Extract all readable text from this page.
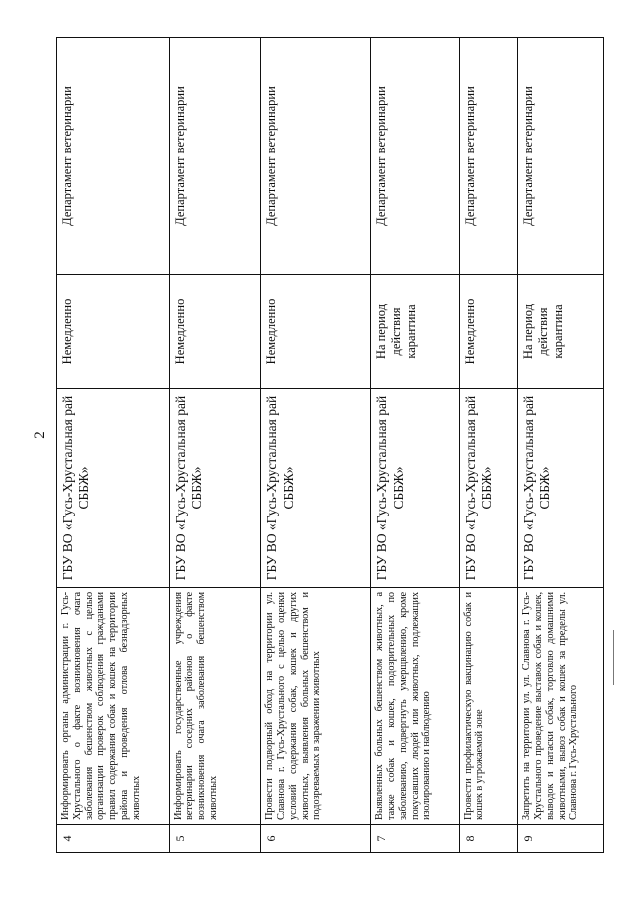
2
4	Информировать органы администрации г. Гусь-Хрустального о факте возникновения очага заболевания бешенством животных с целью организации проверок соблюдения гражданами правил содержания собак и кошек на территории района и проведения отлова безнадзорных животных	ГБУ ВО «Гусь-Хрустальная рай СББЖ»	Немедленно	Департамент ветеринарии
5	Информировать государственные учреждения ветеринарии соседних районов о факте возникновения очага заболевания бешенством животных	ГБУ ВО «Гусь-Хрустальная рай СББЖ»	Немедленно	Департамент ветеринарии
6	Провести подворный обход на территории ул. Славнова г. Гусь-Хрустального с целью оценки условий содержания собак, кошек и других животных, выявления больных бешенством и подозреваемых в заражении животных	ГБУ ВО «Гусь-Хрустальная рай СББЖ»	Немедленно	Департамент ветеринарии
7	Выявленных больных бешенством животных, а также собак и кошек, подозрительных по заболеванию, подвергнуть умерщвлению, кроме покусавших людей или животных, подлежащих изолированию и наблюдению	ГБУ ВО «Гусь-Хрустальная рай СББЖ»	На период действия карантина	Департамент ветеринарии
8	Провести профилактическую вакцинацию собак и кошек в угрожаемой зоне	ГБУ ВО «Гусь-Хрустальная рай СББЖ»	Немедленно	Департамент ветеринарии
9	Запретить на территории ул. ул. Славнова г. Гусь-Хрустального проведение выставок собак и кошек, выводок и натаски собак, торговлю домашними животными, вывоз собак и кошек за пределы ул. Славнова г. Гусь-Хрустального	ГБУ ВО «Гусь-Хрустальная рай СББЖ»	На период действия карантина	Департамент ветеринарии
